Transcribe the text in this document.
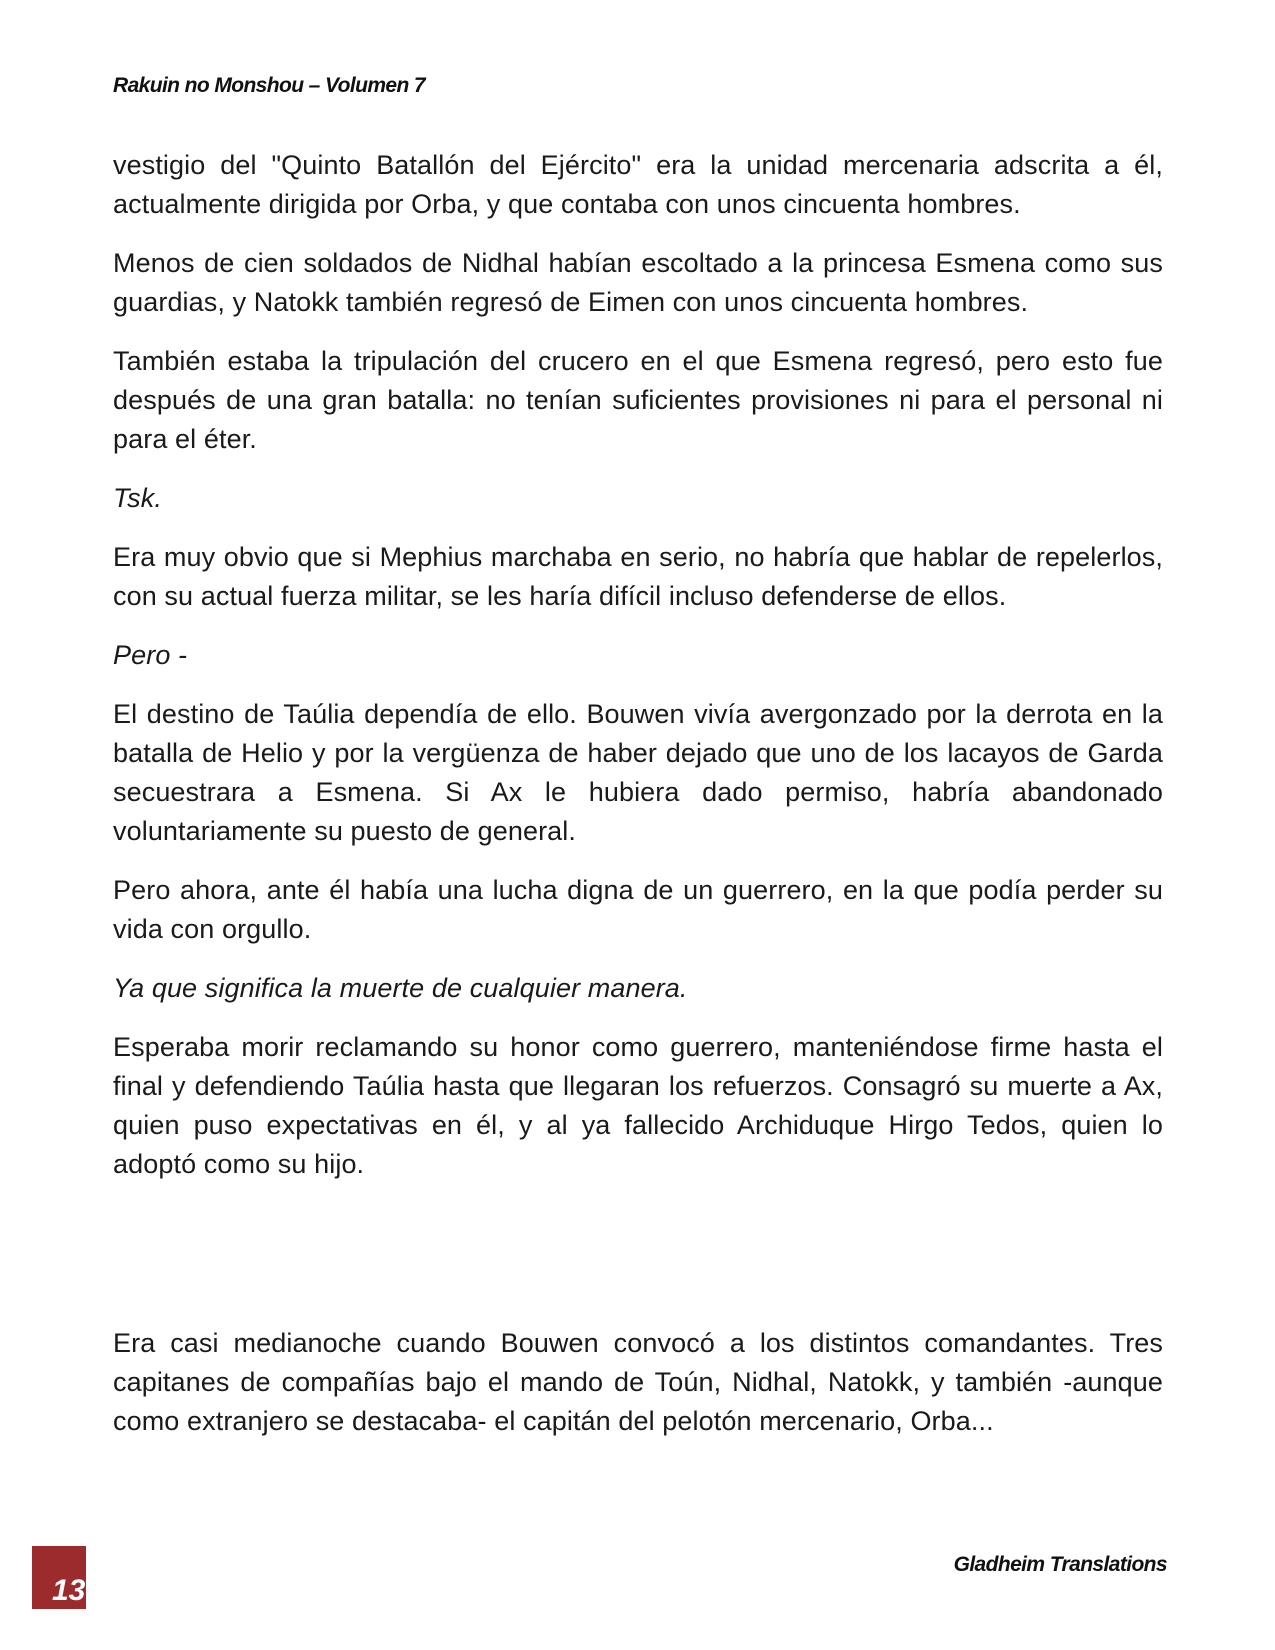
Rakuin no Monshou – Volumen 7

vestigio del "Quinto Batallón del Ejército" era la unidad mercenaria adscrita a él, actualmente dirigida por Orba, y que contaba con unos cincuenta hombres.

Menos de cien soldados de Nidhal habían escoltado a la princesa Esmena como sus guardias, y Natokk también regresó de Eimen con unos cincuenta hombres.

También estaba la tripulación del crucero en el que Esmena regresó, pero esto fue después de una gran batalla: no tenían suficientes provisiones ni para el personal ni para el éter.

Tsk.

Era muy obvio que si Mephius marchaba en serio, no habría que hablar de repelerlos, con su actual fuerza militar, se les haría difícil incluso defenderse de ellos.

Pero -

El destino de Taúlia dependía de ello. Bouwen vivía avergonzado por la derrota en la batalla de Helio y por la vergüenza de haber dejado que uno de los lacayos de Garda secuestrara a Esmena. Si Ax le hubiera dado permiso, habría abandonado voluntariamente su puesto de general.

Pero ahora, ante él había una lucha digna de un guerrero, en la que podía perder su vida con orgullo.

Ya que significa la muerte de cualquier manera.

Esperaba morir reclamando su honor como guerrero, manteniéndose firme hasta el final y defendiendo Taúlia hasta que llegaran los refuerzos. Consagró su muerte a Ax, quien puso expectativas en él, y al ya fallecido Archiduque Hirgo Tedos, quien lo adoptó como su hijo.

Era casi medianoche cuando Bouwen convocó a los distintos comandantes. Tres capitanes de compañías bajo el mando de Toún, Nidhal, Natokk, y también -aunque como extranjero se destacaba- el capitán del pelotón mercenario, Orba...

13
Gladheim Translations
